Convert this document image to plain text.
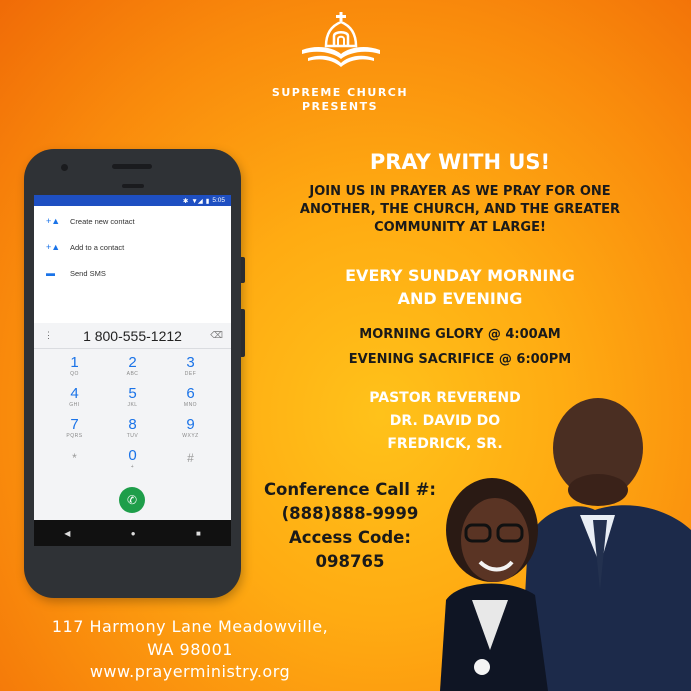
SUPREME CHURCH
PRESENTS
✱ ▼◢ ▮ 5:05
+▲ Create new contact
+▲ Add to a contact
▬	Send SMS
⋮	1 800-555-1212	⌫
1
QO
2
ABC
3
DEF
4
GHI
5
JKL
6
MNO
7
PQRS
8
TUV
9
WXYZ
*	0
+
#
✆
◀	●	■
PRAY WITH US!
JOIN US IN PRAYER AS WE PRAY FOR ONE ANOTHER, THE CHURCH, AND THE GREATER COMMUNITY AT LARGE!
EVERY SUNDAY MORNING
AND EVENING
MORNING GLORY @ 4:00AM
EVENING SACRIFICE @ 6:00PM
PASTOR REVEREND
DR. DAVID DO
FREDRICK, SR.
Conference Call #:
(888)888-9999
Access Code:
098765
117 Harmony Lane Meadowville,
WA 98001
www.prayerministry.org
